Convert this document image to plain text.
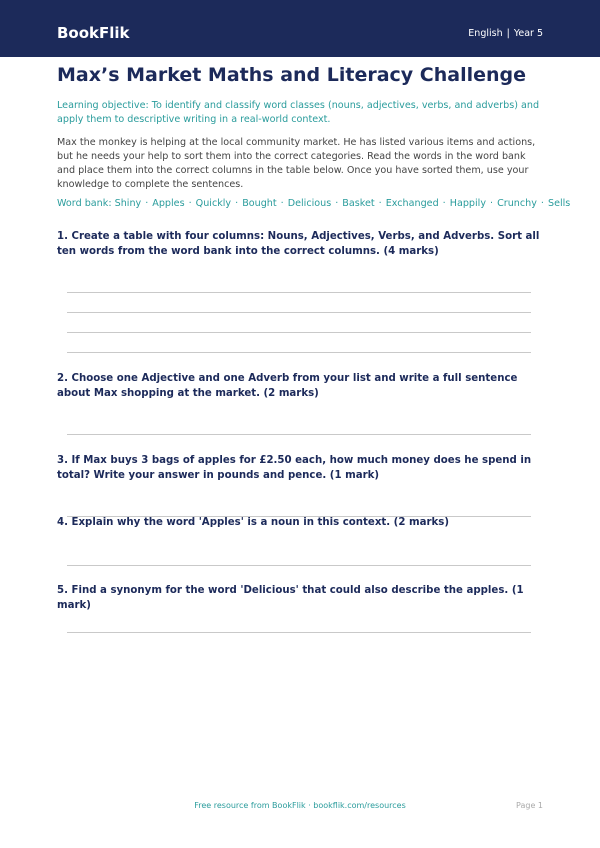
BookFlik	English | Year 5
Max’s Market Maths and Literacy Challenge

Learning objective: To identify and classify word classes (nouns, adjectives, verbs, and adverbs) and apply them to descriptive writing in a real-world context.

Max the monkey is helping at the local community market. He has listed various items and actions, but he needs your help to sort them into the correct categories. Read the words in the word bank and place them into the correct columns in the table below. Once you have sorted them, use your knowledge to complete the sentences.

Word bank: Shiny · Apples · Quickly · Bought · Delicious · Basket · Exchanged · Happily · Crunchy · Sells
1. Create a table with four columns: Nouns, Adjectives, Verbs, and Adverbs. Sort all ten words from the word bank into the correct columns. (4 marks)
2. Choose one Adjective and one Adverb from your list and write a full sentence about Max shopping at the market. (2 marks)
3. If Max buys 3 bags of apples for £2.50 each, how much money does he spend in total? Write your answer in pounds and pence. (1 mark)
4. Explain why the word 'Apples' is a noun in this context. (2 marks)
5. Find a synonym for the word 'Delicious' that could also describe the apples. (1 mark)
Free resource from BookFlik · bookflik.com/resources	Page 1
